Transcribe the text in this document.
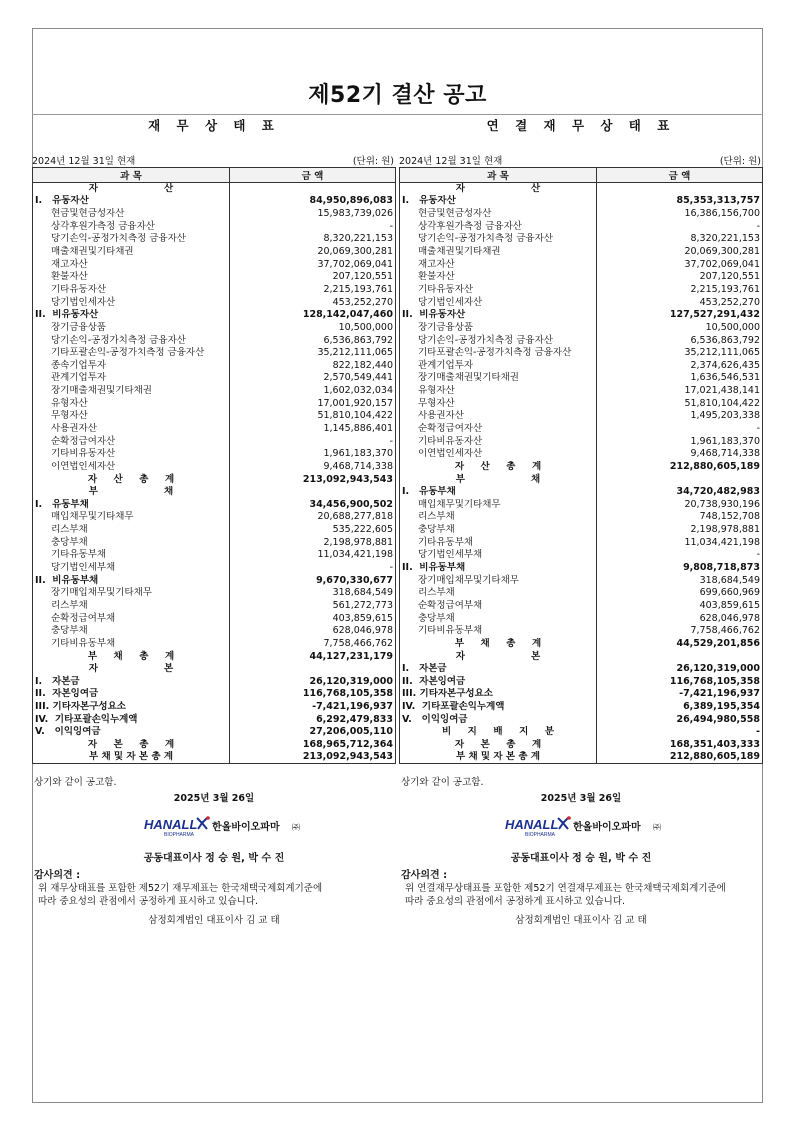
제52기 결산 공고
재 무 상 태 표
2024년 12월 31일 현재	(단위: 원)
과 목	금 액
자                    산	
I.   유동자산	84,950,896,083
현금및현금성자산	15,983,739,026
상각후원가측정 금융자산	-
당기손익-공정가치측정 금융자산	8,320,221,153
매출채권및기타채권	20,069,300,281
재고자산	37,702,069,041
환불자산	207,120,551
기타유동자산	2,215,193,761
당기법인세자산	453,252,270
II.  비유동자산	128,142,047,460
장기금융상품	10,500,000
당기손익-공정가치측정 금융자산	6,536,863,792
기타포괄손익-공정가치측정 금융자산	35,212,111,065
종속기업투자	822,182,440
관계기업투자	2,570,549,441
장기매출채권및기타채권	1,602,032,034
유형자산	17,001,920,157
무형자산	51,810,104,422
사용권자산	1,145,886,401
순확정급여자산	-
기타비유동자산	1,961,183,370
이연법인세자산	9,468,714,338
자     산     총     계	213,092,943,543
부                    채	
I.   유동부채	34,456,900,502
매입채무및기타채무	20,688,277,818
리스부채	535,222,605
충당부채	2,198,978,881
기타유동부채	11,034,421,198
당기법인세부채	-
II.  비유동부채	9,670,330,677
장기매입채무및기타채무	318,684,549
리스부채	561,272,773
순확정급여부채	403,859,615
충당부채	628,046,978
기타비유동부채	7,758,466,762
부     채     총     계	44,127,231,179
자                    본	
I.   자본금	26,120,319,000
II.  자본잉여금	116,768,105,358
III. 기타자본구성요소	-7,421,196,937
IV.  기타포괄손익누계액	6,292,479,833
V.   이익잉여금	27,206,005,110
자     본     총     계	168,965,712,364
부 채 및 자 본 총 계	213,092,943,543
상기와 같이 공고함.
2025년 3월 26일
HANALL
BIOPHARMA
한올바이오파마 ㈜
공동대표이사 정 승 원, 박 수 진
감사의견 :
위 재무상태표를 포함한 제52기 재무제표는 한국채택국제회계기준에
따라 중요성의 관점에서 공정하게 표시하고 있습니다.
삼정회계법인 대표이사 김 교 태
연 결 재 무 상 태 표
2024년 12월 31일 현재	(단위: 원)
과 목	금 액
자                    산	
I.   유동자산	85,353,313,757
현금및현금성자산	16,386,156,700
상각후원가측정 금융자산	-
당기손익-공정가치측정 금융자산	8,320,221,153
매출채권및기타채권	20,069,300,281
재고자산	37,702,069,041
환불자산	207,120,551
기타유동자산	2,215,193,761
당기법인세자산	453,252,270
II.  비유동자산	127,527,291,432
장기금융상품	10,500,000
당기손익-공정가치측정 금융자산	6,536,863,792
기타포괄손익-공정가치측정 금융자산	35,212,111,065
관계기업투자	2,374,626,435
장기매출채권및기타채권	1,636,546,531
유형자산	17,021,438,141
무형자산	51,810,104,422
사용권자산	1,495,203,338
순확정급여자산	-
기타비유동자산	1,961,183,370
이연법인세자산	9,468,714,338
자     산     총     계	212,880,605,189
부                    채	
I.   유동부채	34,720,482,983
매입채무및기타채무	20,738,930,196
리스부채	748,152,708
충당부채	2,198,978,881
기타유동부채	11,034,421,198
당기법인세부채	-
II.  비유동부채	9,808,718,873
장기매입채무및기타채무	318,684,549
리스부채	699,660,969
순확정급여부채	403,859,615
충당부채	628,046,978
기타비유동부채	7,758,466,762
부     채     총     계	44,529,201,856
자                    본	
I.   자본금	26,120,319,000
II.  자본잉여금	116,768,105,358
III. 기타자본구성요소	-7,421,196,937
IV.  기타포괄손익누계액	6,389,195,354
V.   이익잉여금	26,494,980,558
비     지     배     지     분	-
자     본     총     계	168,351,403,333
부 채 및 자 본 총 계	212,880,605,189
상기와 같이 공고함.
2025년 3월 26일
HANALL
BIOPHARMA
한올바이오파마 ㈜
공동대표이사 정 승 원, 박 수 진
감사의견 :
위 연결재무상태표를 포함한 제52기 연결재무제표는 한국채택국제회계기준에
따라 중요성의 관점에서 공정하게 표시하고 있습니다.
삼정회계법인 대표이사 김 교 태
